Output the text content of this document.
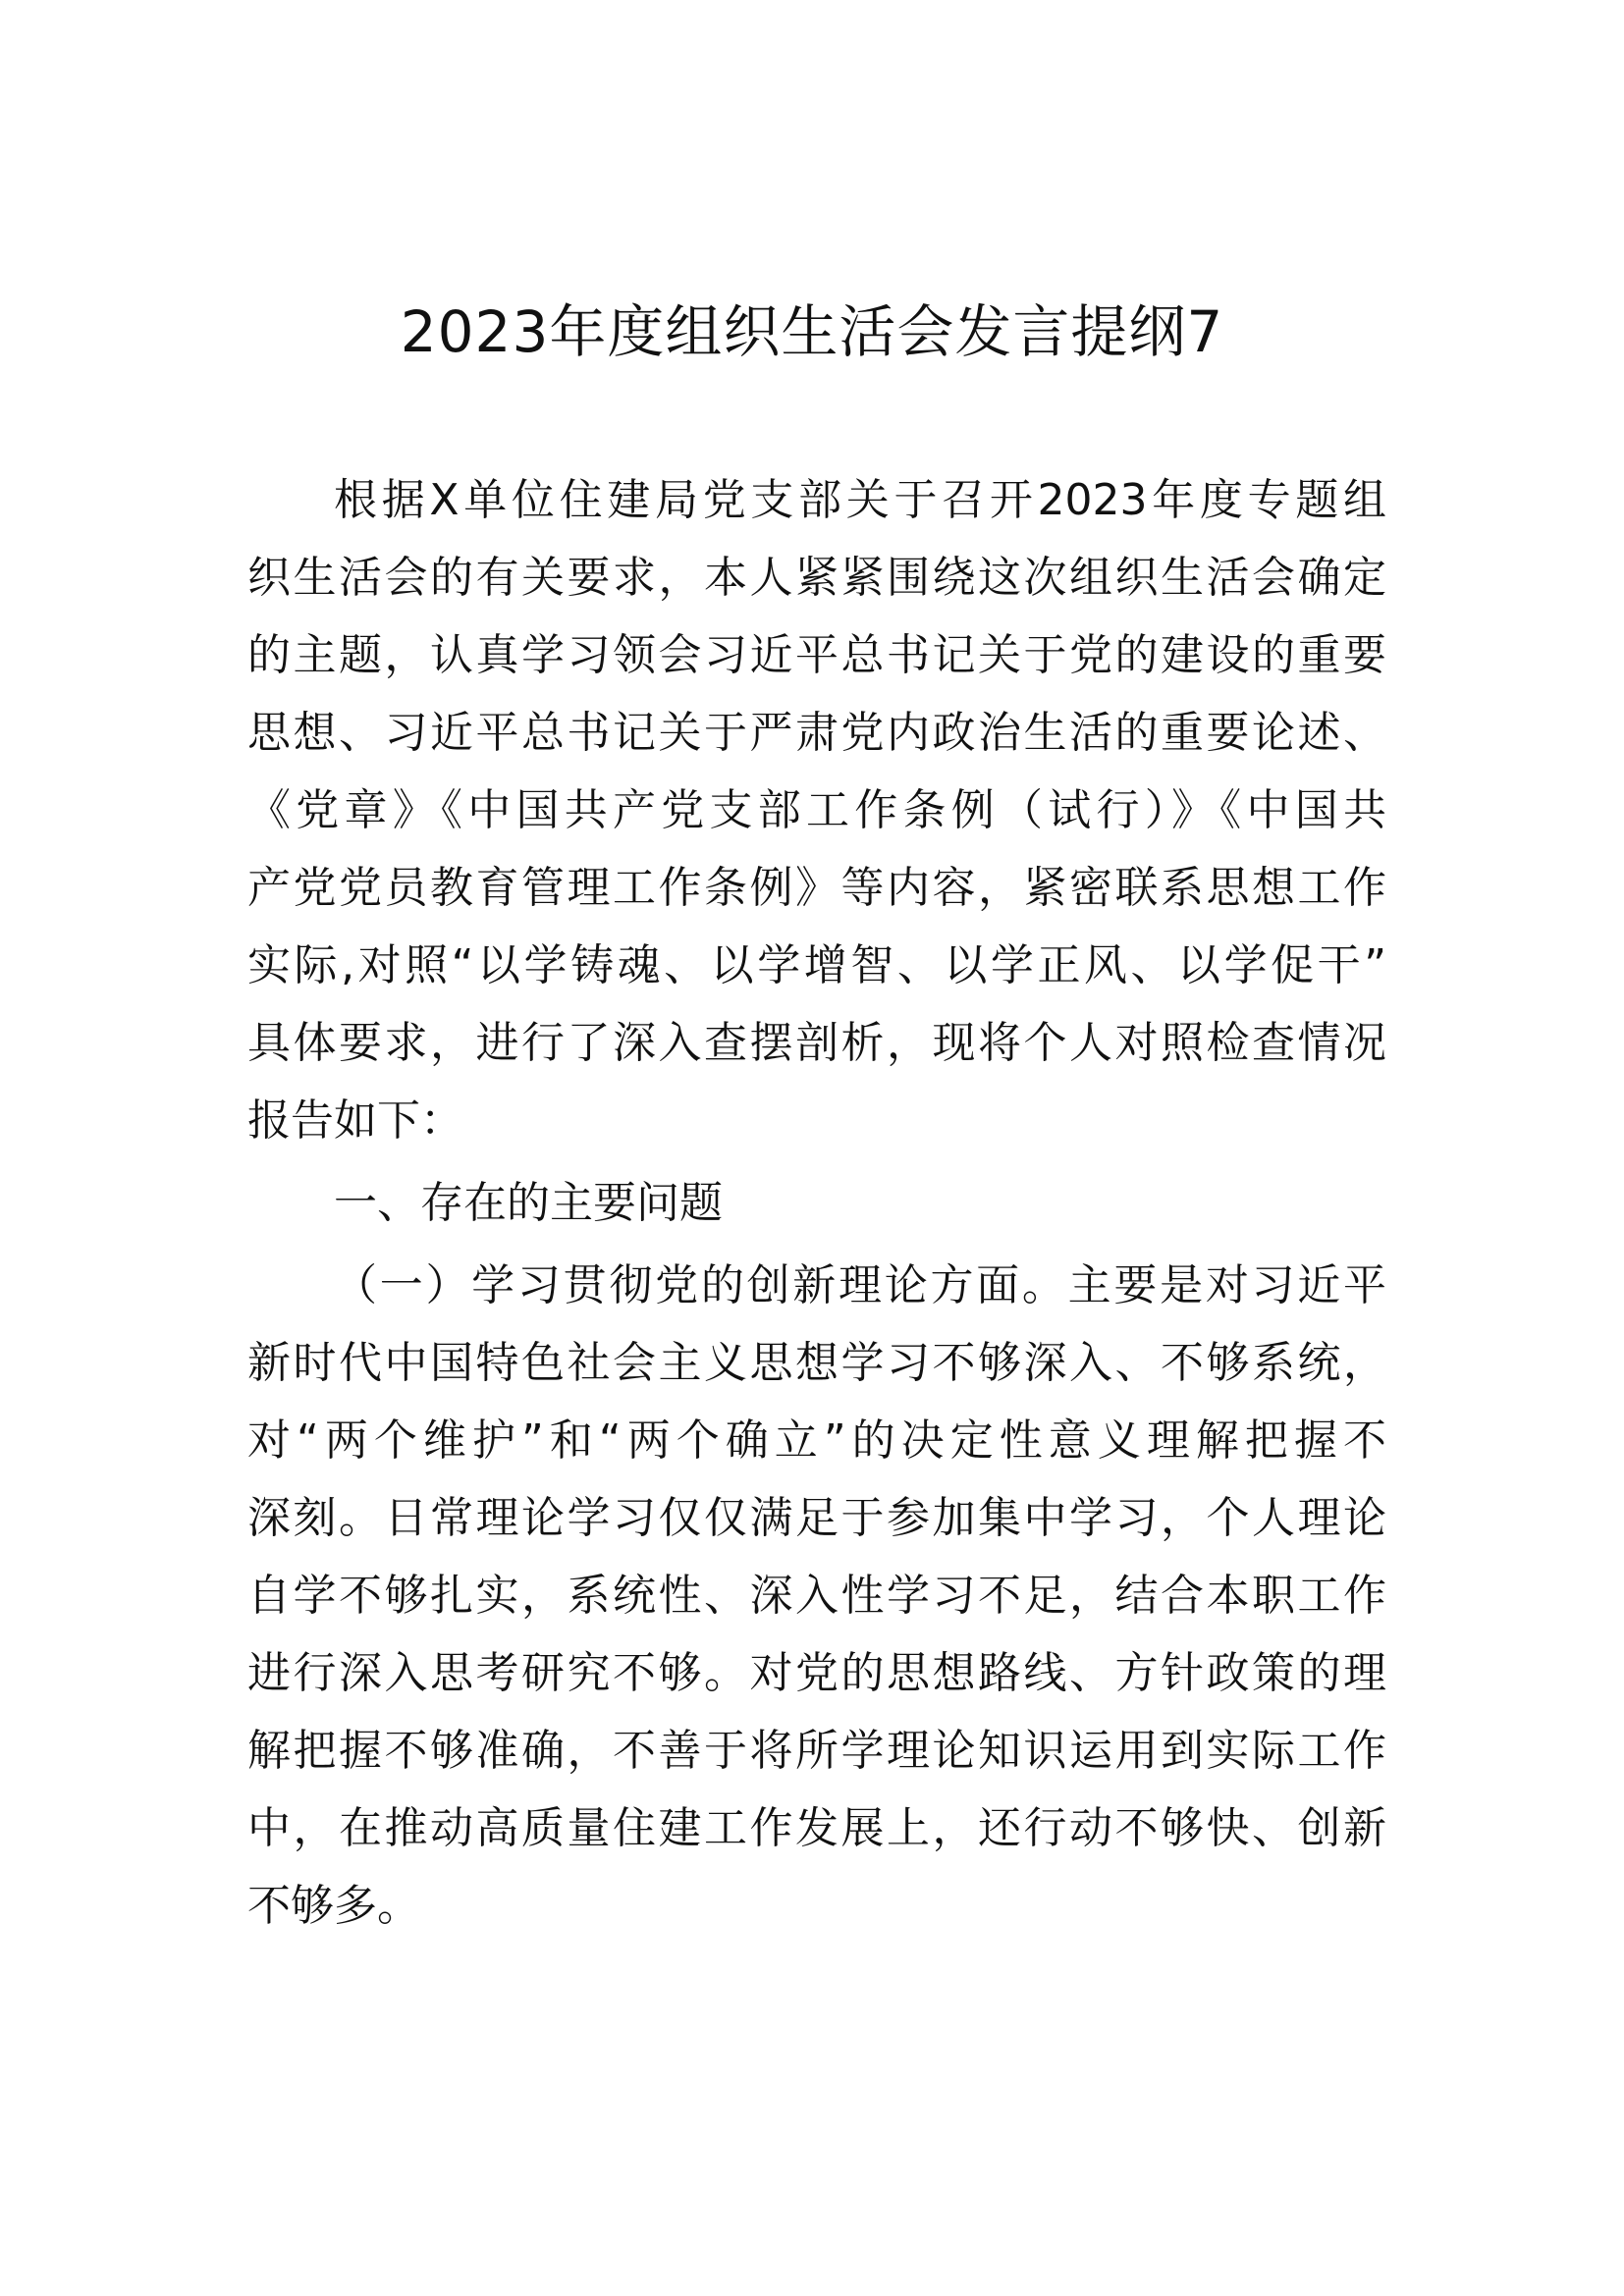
2023年度组织生活会发言提纲7
根据X单位住建局党支部关于召开2023年度专题组
织生活会的有关要求，本人紧紧围绕这次组织生活会确定
的主题，认真学习领会习近平总书记关于党的建设的重要
思想、习近平总书记关于严肃党内政治生活的重要论述、
《党章》《中国共产党支部工作条例（试行）》《中国共
产党党员教育管理工作条例》等内容，紧密联系思想工作
实际,对照“以学铸魂、以学增智、以学正风、以学促干”
具体要求，进行了深入查摆剖析，现将个人对照检查情况
报告如下：
一、存在的主要问题
（一）学习贯彻党的创新理论方面。主要是对习近平
新时代中国特色社会主义思想学习不够深入、不够系统，
对“两个维护”和“两个确立”的决定性意义理解把握不
深刻。日常理论学习仅仅满足于参加集中学习，个人理论
自学不够扎实，系统性、深入性学习不足，结合本职工作
进行深入思考研究不够。对党的思想路线、方针政策的理
解把握不够准确，不善于将所学理论知识运用到实际工作
中，在推动高质量住建工作发展上，还行动不够快、创新
不够多。
